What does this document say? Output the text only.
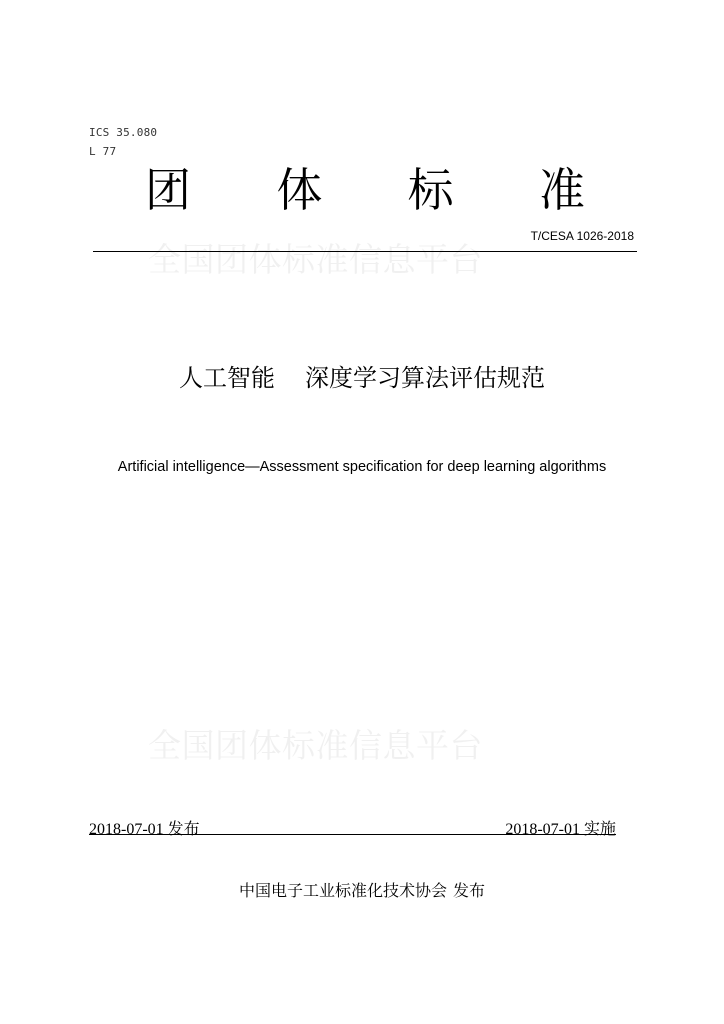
ICS 35.080
L 77
团 体 标 准
T/CESA 1026-2018
全国团体标准信息平台
人工智能 深度学习算法评估规范
Artificial intelligence—Assessment specification for deep learning algorithms
全国团体标准信息平台
2018-07-01 发布	2018-07-01 实施
中国电子工业标准化技术协会 发布
